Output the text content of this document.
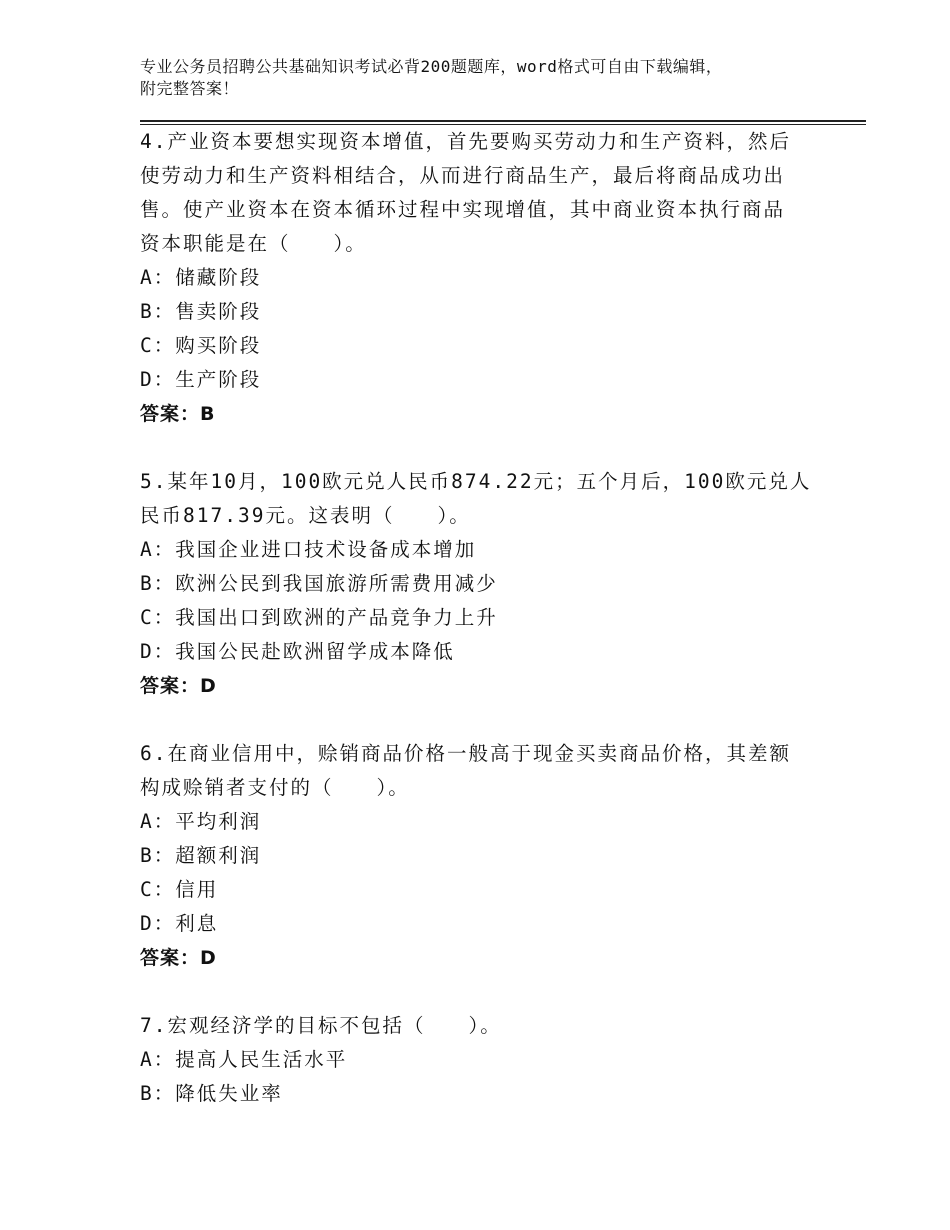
专业公务员招聘公共基础知识考试必背200题题库，word格式可自由下载编辑，
附完整答案！

4.产业资本要想实现资本增值，首先要购买劳动力和生产资料，然后

使劳动力和生产资料相结合，从而进行商品生产，最后将商品成功出

售。使产业资本在资本循环过程中实现增值，其中商业资本执行商品

资本职能是在（　　）。

A：储藏阶段

B：售卖阶段

C：购买阶段

D：生产阶段

答案：B

5.某年10月，100欧元兑人民币874.22元；五个月后，100欧元兑人

民币817.39元。这表明（　　）。

A：我国企业进口技术设备成本增加

B：欧洲公民到我国旅游所需费用减少

C：我国出口到欧洲的产品竞争力上升

D：我国公民赴欧洲留学成本降低

答案：D

6.在商业信用中，赊销商品价格一般高于现金买卖商品价格，其差额

构成赊销者支付的（　　）。

A：平均利润

B：超额利润

C：信用

D：利息

答案：D

7.宏观经济学的目标不包括（　　）。

A：提高人民生活水平

B：降低失业率
